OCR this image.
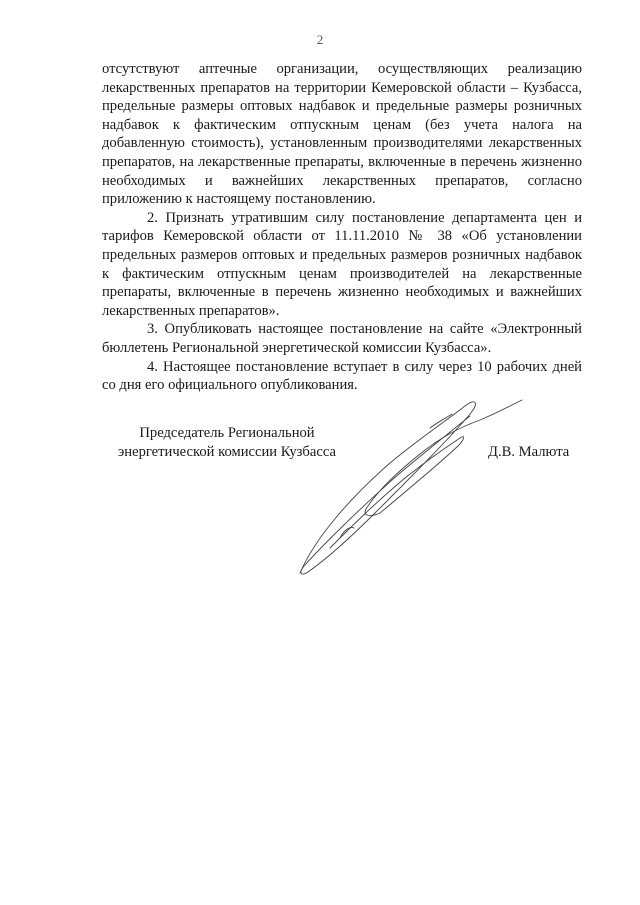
2

отсутствуют аптечные организации, осуществляющих реализацию лекарственных препаратов на территории Кемеровской области – Кузбасса, предельные размеры оптовых надбавок и предельные размеры розничных надбавок к фактическим отпускным ценам (без учета налога на добавленную стоимость), установленным производителями лекарственных препаратов, на лекарственные препараты, включенные в перечень жизненно необходимых и важнейших лекарственных препаратов, согласно приложению к настоящему постановлению.

2. Признать утратившим силу постановление департамента цен и тарифов Кемеровской области от 11.11.2010 № 38 «Об установлении предельных размеров оптовых и предельных размеров розничных надбавок к фактическим отпускным ценам производителей на лекарственные препараты, включенные в перечень жизненно необходимых и важнейших лекарственных препаратов».

3. Опубликовать настоящее постановление на сайте «Электронный бюллетень Региональной энергетической комиссии Кузбасса».

4. Настоящее постановление вступает в силу через 10 рабочих дней со дня его официального опубликования.

Председатель Региональной
энергетической комиссии Кузбасса	Д.В. Малюта
